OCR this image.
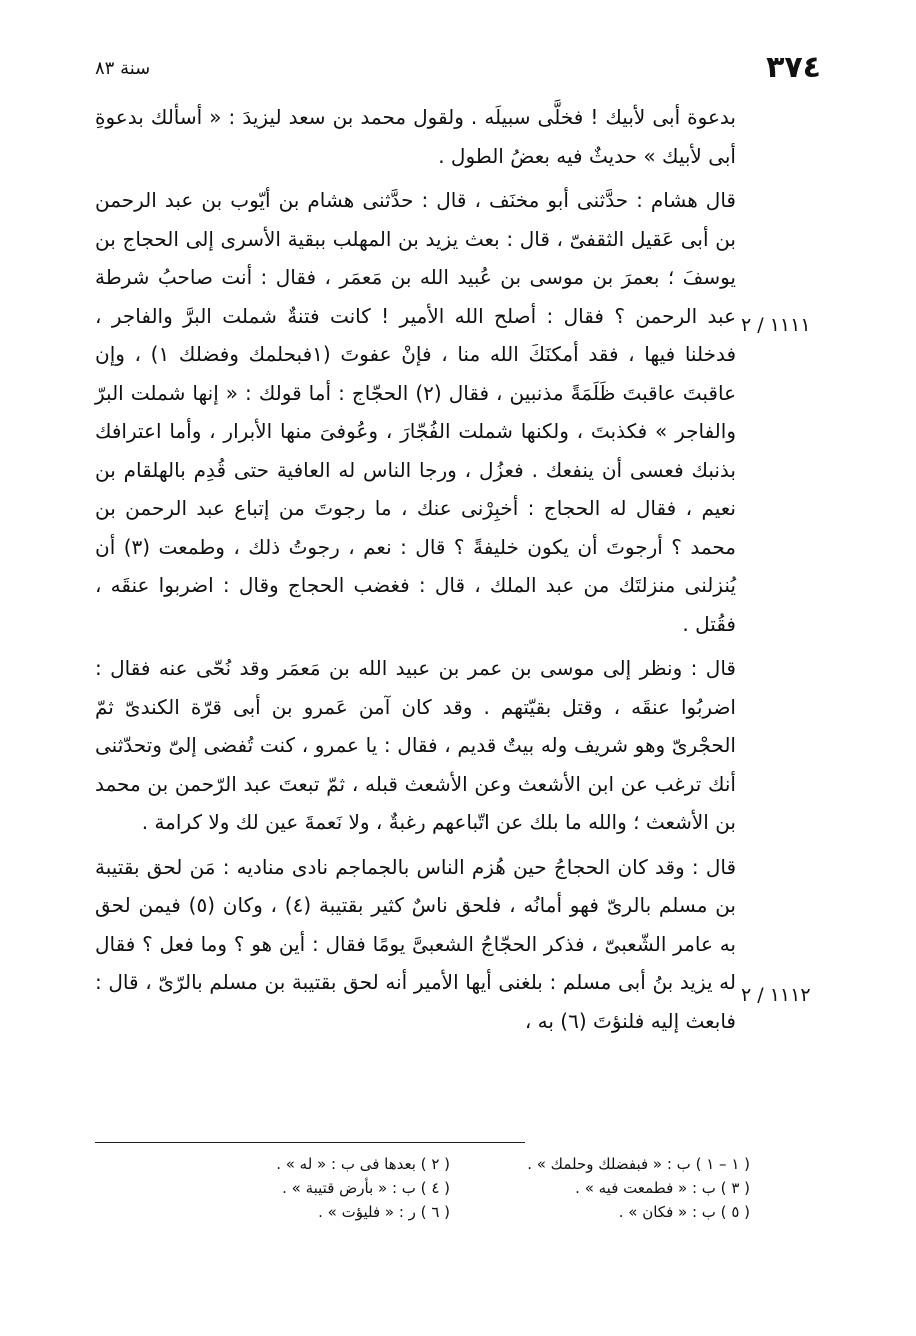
٣٧٤
سنة ٨٣
١١١١ / ٢
١١١٢ / ٢

بدعوة أبى لأبيك ! فخلَّى سبيلَه . ولقول محمد بن سعد ليزيدَ : « أسألك بدعوةِ أبى لأبيك » حديثٌ فيه بعضُ الطول .

قال هشام : حدَّثنى أبو مخنَف ، قال : حدَّثنى هشام بن أيّوب بن عبد الرحمن بن أبى عَقيل الثقفىّ ، قال : بعث يزيد بن المهلب ببقية الأسرى إلى الحجاج بن يوسفَ ؛ بعمرَ بن موسى بن عُبيد الله بن مَعمَر ، فقال : أنت صاحبُ شرطة عبد الرحمن ؟ فقال : أصلح الله الأمير ! كانت فتنةٌ شملت البرَّ والفاجر ، فدخلنا فيها ، فقد أمكنَكَ الله منا ، فإنْ عفوتَ (١فبحلمك وفضلك ١) ، وإن عاقبتَ عاقبتَ ظَلَمَةً مذنبين ، فقال (٢) الحجّاج : أما قولك : « إنها شملت البرّ والفاجر » فكذبتَ ، ولكنها شملت الفُجّارَ ، وعُوفىَ منها الأبرار ، وأما اعترافك بذنبك فعسى أن ينفعك . فعزُل ، ورجا الناس له العافية حتى قُدِم بالهلقام بن نعيم ، فقال له الحجاج : أخبِرْنى عنك ، ما رجوتَ من إتباع عبد الرحمن بن محمد ؟ أرجوتَ أن يكون خليفةً ؟ قال : نعم ، رجوتُ ذلك ، وطمعت (٣) أن يُنزلنى منزلتَك من عبد الملك ، قال : فغضب الحجاج وقال : اضربوا عنقَه ، فقُتل .

قال : ونظر إلى موسى بن عمر بن عبيد الله بن مَعمَر وقد نُحّى عنه فقال : اضربُوا عنقَه ، وقتل بقيّتهم . وقد كان آمن عَمرو بن أبى قرّة الكندىّ ثمّ الحجْرىّ وهو شريف وله بيتٌ قديم ، فقال : يا عمرو ، كنت تُفضى إلىّ وتحدّثنى أنك ترغب عن ابن الأشعث وعن الأشعث قبله ، ثمّ تبعتَ عبد الرّحمن بن محمد بن الأشعث ؛ والله ما بلك عن اتّباعهم رغبةٌ ، ولا نَعمةَ عين لك ولا كرامة .

قال : وقد كان الحجاجُ حين هُزم الناس بالجماجم نادى مناديه : مَن لحق بقتيبة بن مسلم بالرىّ فهو أمانُه ، فلحق ناسٌ كثير بقتيبة (٤) ، وكان (٥) فيمن لحق به عامر الشّعبىّ ، فذكر الحجّاجُ الشعبىَّ يومًا فقال : أين هو ؟ وما فعل ؟ فقال له يزيد بنُ أبى مسلم : بلغنى أيها الأمير أنه لحق بقتيبة بن مسلم بالرّىّ ، قال : فابعث إليه فلنؤتَ (٦) به ،

( ١ – ١ ) ب : « فبفضلك وحلمك » .
( ٢ ) بعدها فى ب : « له » .
( ٣ ) ب : « فطمعت فيه » .
( ٤ ) ب : « بأرض قتيبة » .
( ٥ ) ب : « فكان » .
( ٦ ) ر : « فليؤت » .
